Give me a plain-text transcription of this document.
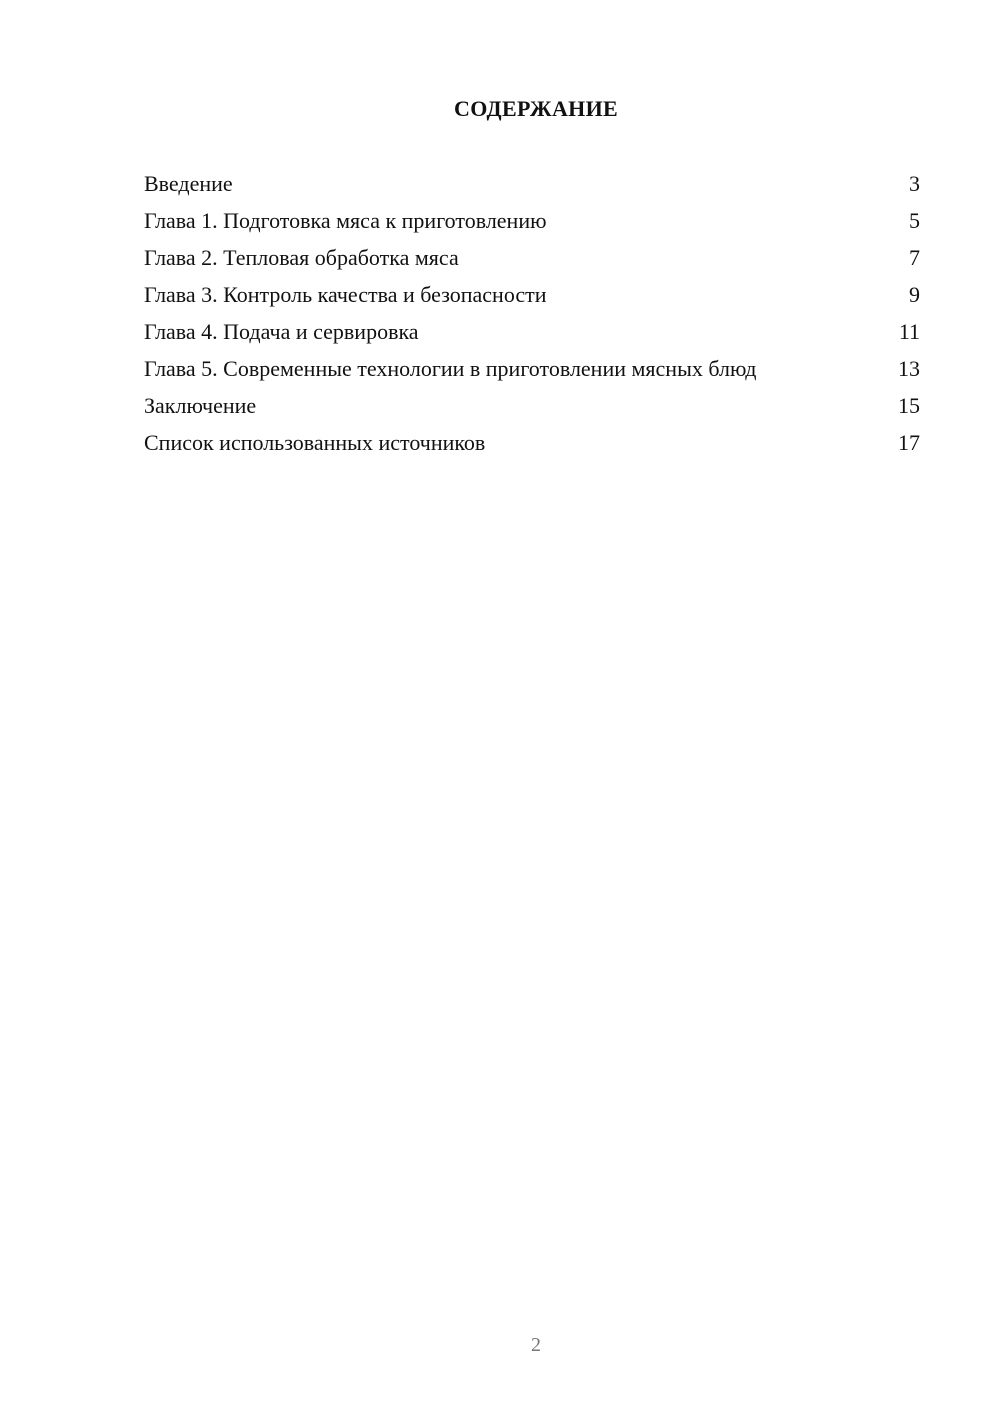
СОДЕРЖАНИЕ
Введение	3
Глава 1. Подготовка мяса к приготовлению	5
Глава 2. Тепловая обработка мяса	7
Глава 3. Контроль качества и безопасности	9
Глава 4. Подача и сервировка	11
Глава 5. Современные технологии в приготовлении мясных блюд	13
Заключение	15
Список использованных источников	17
2
